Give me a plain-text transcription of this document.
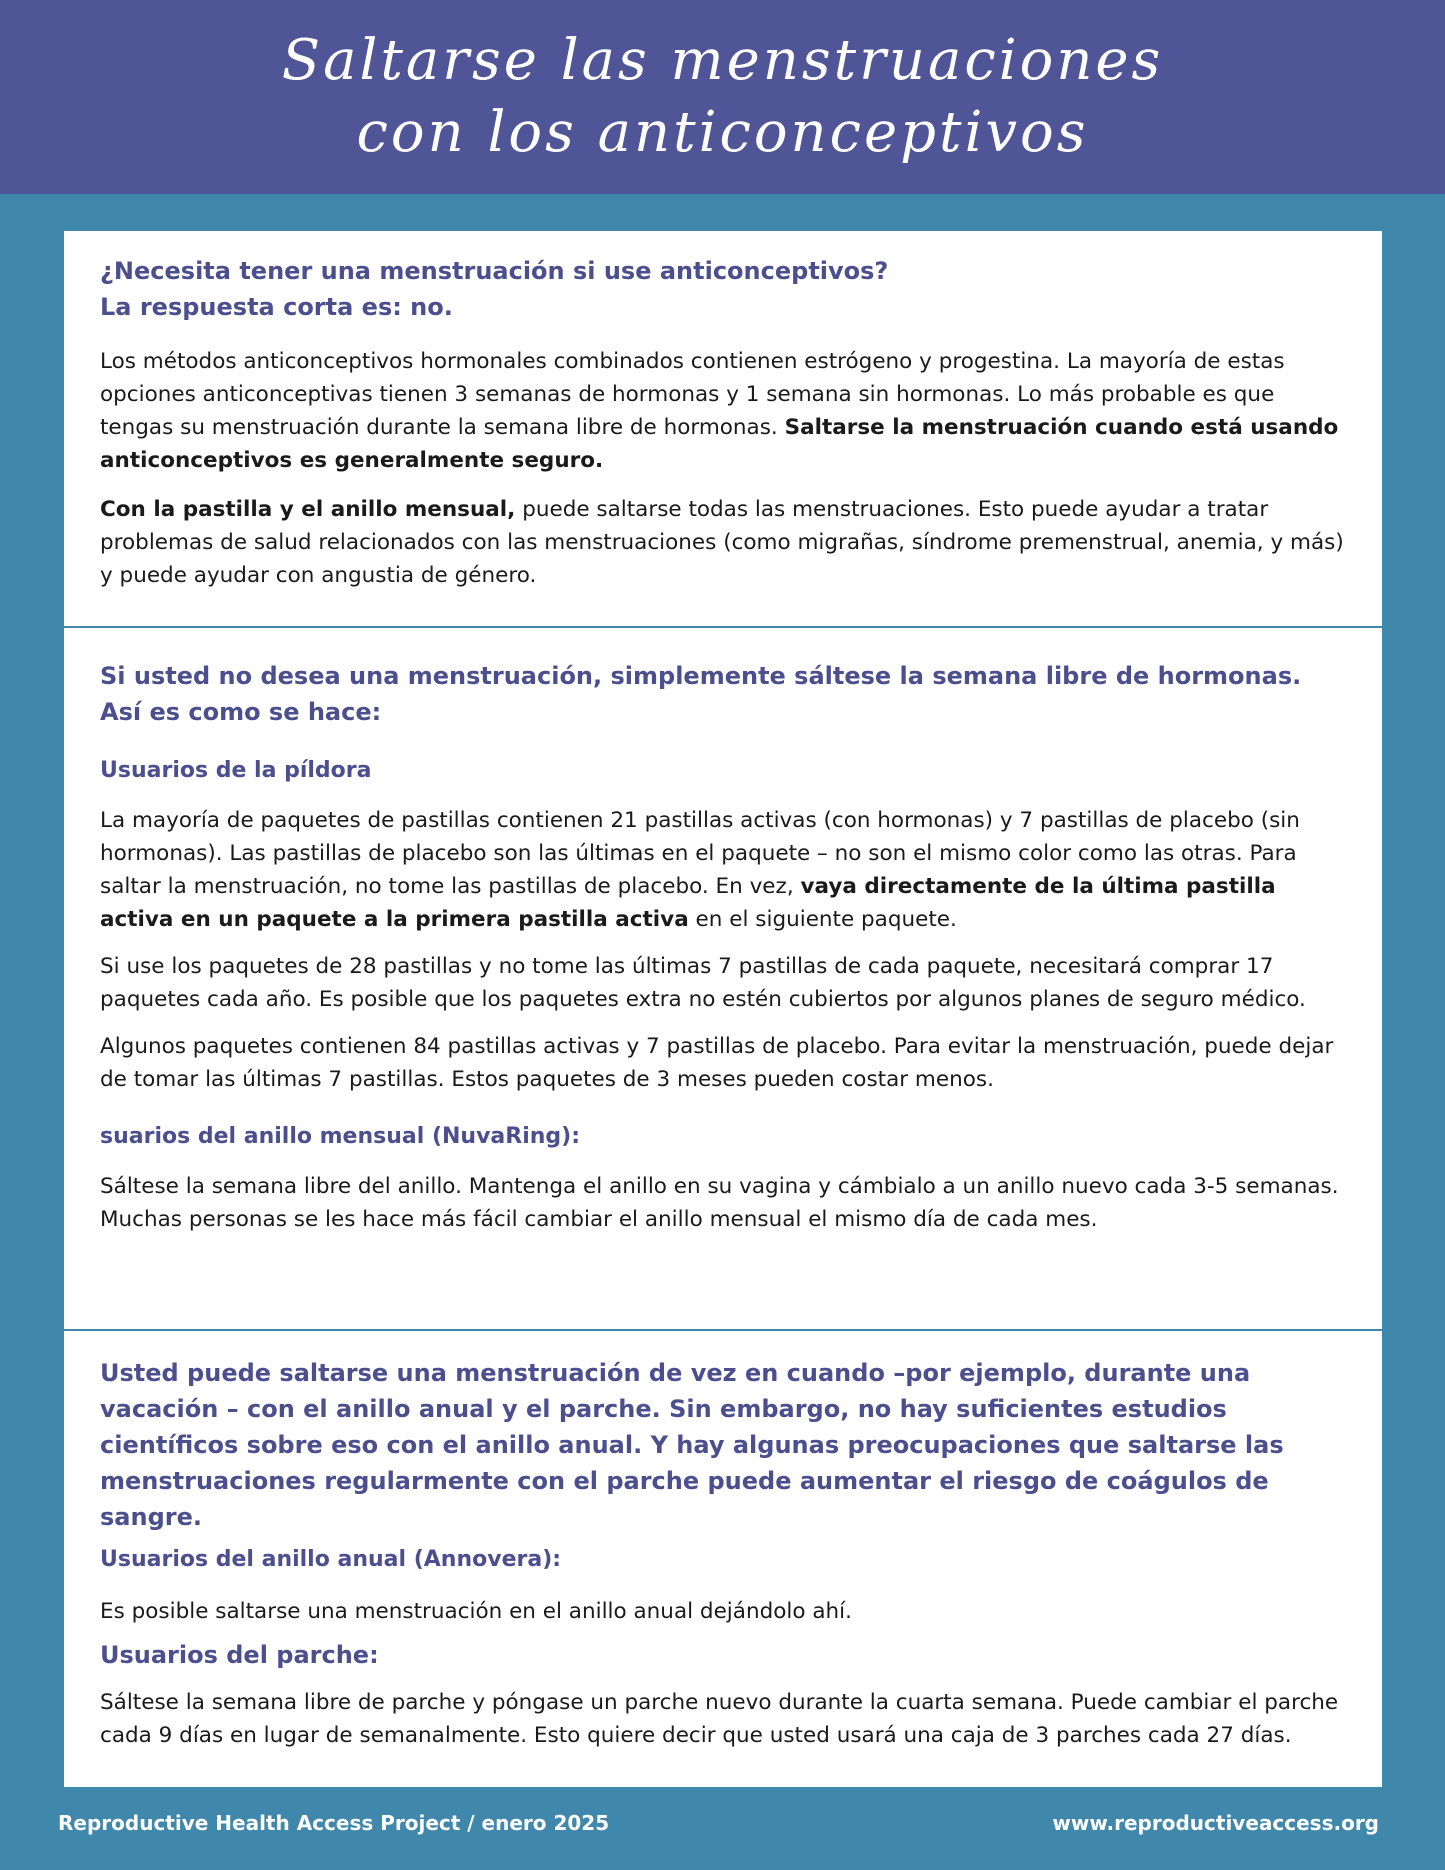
Saltarse las menstruaciones
con los anticonceptivos
¿Necesita tener una menstruación si use anticonceptivos?
La respuesta corta es: no.

Los métodos anticonceptivos hormonales combinados contienen estrógeno y progestina. La mayoría de estas opciones anticonceptivas tienen 3 semanas de hormonas y 1 semana sin hormonas. Lo más probable es que tengas su menstruación durante la semana libre de hormonas. Saltarse la menstruación cuando está usando anticonceptivos es generalmente seguro.

Con la pastilla y el anillo mensual, puede saltarse todas las menstruaciones. Esto puede ayudar a tratar problemas de salud relacionados con las menstruaciones (como migrañas, síndrome premenstrual, anemia, y más) y puede ayudar con angustia de género.

Si usted no desea una menstruación, simplemente sáltese la semana libre de hormonas. Así es como se hace:
Usuarios de la píldora

La mayoría de paquetes de pastillas contienen 21 pastillas activas (con hormonas) y 7 pastillas de placebo (sin hormonas). Las pastillas de placebo son las últimas en el paquete – no son el mismo color como las otras. Para saltar la menstruación, no tome las pastillas de placebo. En vez, vaya directamente de la última pastilla activa en un paquete a la primera pastilla activa en el siguiente paquete.

Si use los paquetes de 28 pastillas y no tome las últimas 7 pastillas de cada paquete, necesitará comprar 17 paquetes cada año. Es posible que los paquetes extra no estén cubiertos por algunos planes de seguro médico.

Algunos paquetes contienen 84 pastillas activas y 7 pastillas de placebo. Para evitar la menstruación, puede dejar de tomar las últimas 7 pastillas. Estos paquetes de 3 meses pueden costar menos.

suarios del anillo mensual (NuvaRing):

Sáltese la semana libre del anillo. Mantenga el anillo en su vagina y cámbialo a un anillo nuevo cada 3-5 semanas. Muchas personas se les hace más fácil cambiar el anillo mensual el mismo día de cada mes.

Usted puede saltarse una menstruación de vez en cuando –por ejemplo, durante una vacación – con el anillo anual y el parche. Sin embargo, no hay suficientes estudios científicos sobre eso con el anillo anual. Y hay algunas preocupaciones que saltarse las menstruaciones regularmente con el parche puede aumentar el riesgo de coágulos de sangre.
Usuarios del anillo anual (Annovera):

Es posible saltarse una menstruación en el anillo anual dejándolo ahí.

Usuarios del parche:

Sáltese la semana libre de parche y póngase un parche nuevo durante la cuarta semana. Puede cambiar el parche cada 9 días en lugar de semanalmente. Esto quiere decir que usted usará una caja de 3 parches cada 27 días.

Reproductive Health Access Project / enero 2025	www.reproductiveaccess.org
